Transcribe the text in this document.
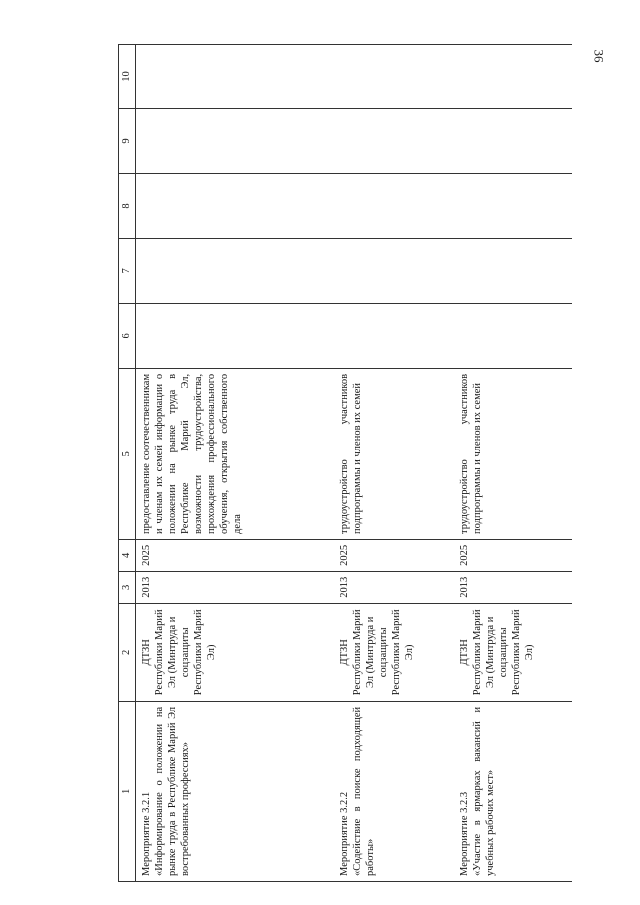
36
1	2	3	4	5	6	7	8	9	10

Мероприятие 3.2.1 «Информирование о положении на рынке труда в Республике Марий Эл востребованных профессиях»	ДТЗН Республики Марий Эл (Минтруда и соцзащиты Республики Марий Эл)	2013	2025	предоставление соотечественникам и членам их семей информации о положении на рынке труда в Республике Марий Эл, возможности трудоустройства, прохождения профессионального обучения, открытия собственного дела					

Мероприятие 3.2.2 «Содействие в поиске подходящей работы»	ДТЗН Республики Марий Эл (Минтруда и соцзащиты Республики Марий Эл)	2013	2025	трудоустройство участников подпрограммы и членов их семей					

Мероприятие 3.2.3 «Участие в ярмарках вакансий и учебных рабочих мест»	ДТЗН Республики Марий Эл (Минтруда и соцзащиты Республики Марий Эл)	2013	2025	трудоустройство участников подпрограммы и членов их семей					
